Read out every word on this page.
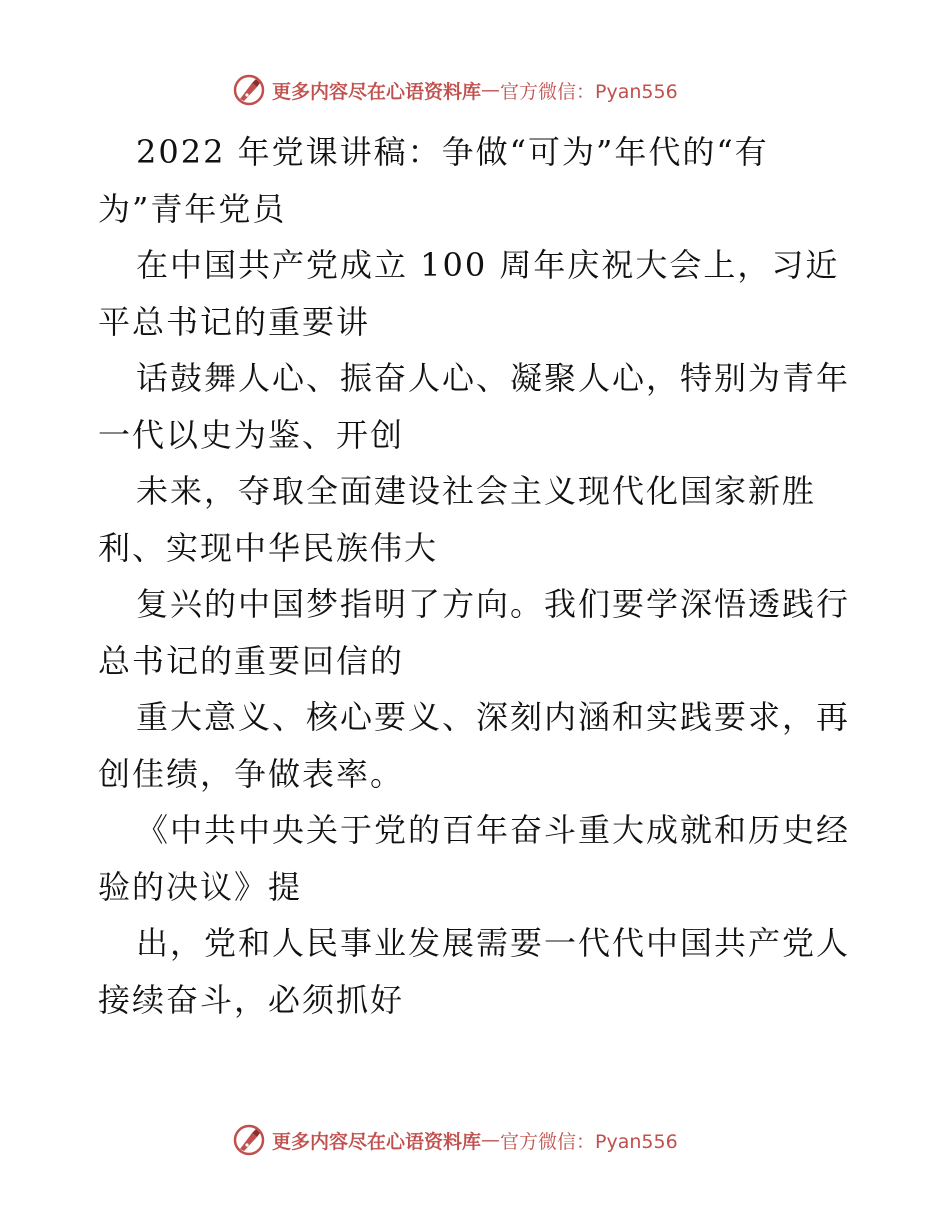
更多内容尽在心语资料库 — 官方微信：Pyan556
2022 年党课讲稿：争做“可为”年代的“有
为”青年党员
在中国共产党成立 100 周年庆祝大会上，习近
平总书记的重要讲
话鼓舞人心、振奋人心、凝聚人心，特别为青年
一代以史为鉴、开创
未来，夺取全面建设社会主义现代化国家新胜
利、实现中华民族伟大
复兴的中国梦指明了方向。我们要学深悟透践行
总书记的重要回信的
重大意义、核心要义、深刻内涵和实践要求，再
创佳绩，争做表率。
《中共中央关于党的百年奋斗重大成就和历史经
验的决议》提
出，党和人民事业发展需要一代代中国共产党人
接续奋斗，必须抓好
更多内容尽在心语资料库 — 官方微信：Pyan556
